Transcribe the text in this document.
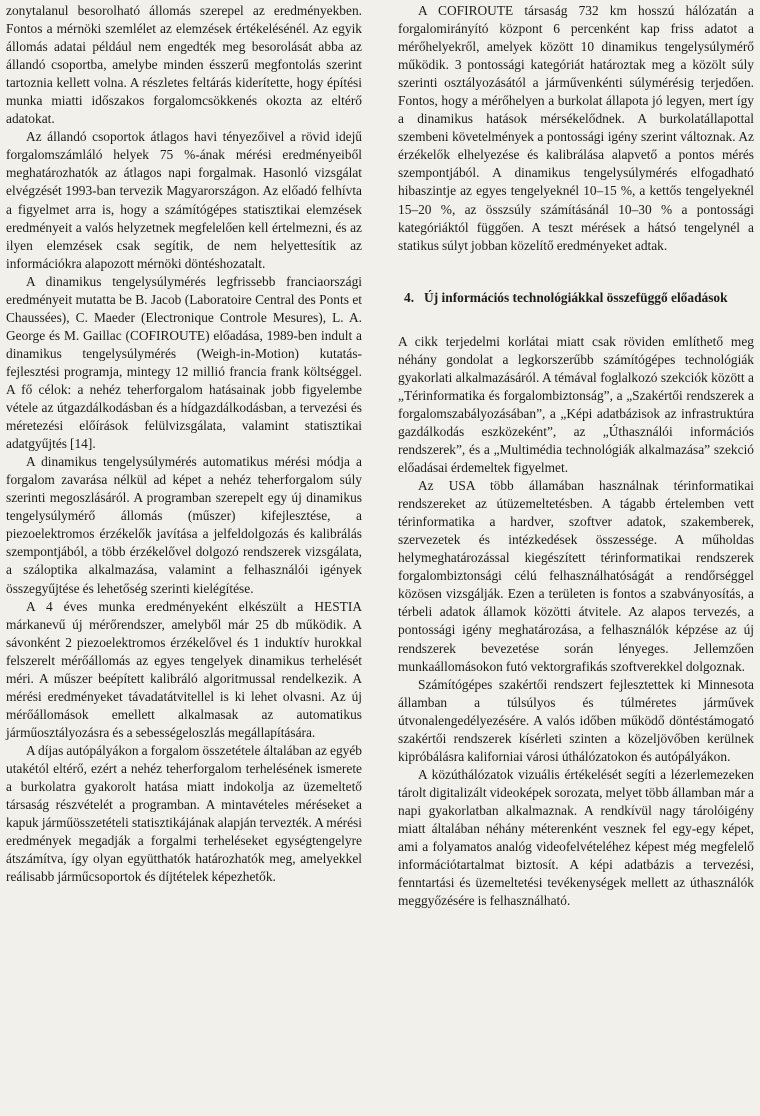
zonytalanul besorolható állomás szerepel az eredményekben. Fontos a mérnöki szemlélet az elemzések értékelésénél. Az egyik állomás adatai például nem engedték meg besorolását abba az állandó csoportba, amelybe minden ésszerű megfontolás szerint tartoznia kellett volna. A részletes feltárás kiderítette, hogy építési munka miatti időszakos forgalomcsökkenés okozta az eltérő adatokat.

Az állandó csoportok átlagos havi tényezőivel a rövid idejű forgalomszámláló helyek 75 %-ának mérési eredményeiből meghatározhatók az átlagos napi forgalmak. Hasonló vizsgálat elvégzését 1993-ban tervezik Magyarországon. Az előadó felhívta a figyelmet arra is, hogy a számítógépes statisztikai elemzések eredményeit a valós helyzetnek megfelelően kell értelmezni, és az ilyen elemzések csak segítik, de nem helyettesítik az információkra alapozott mérnöki döntéshozatalt.

A dinamikus tengelysúlymérés legfrissebb franciaországi eredményeit mutatta be B. Jacob (Laboratoire Central des Ponts et Chaussées), C. Maeder (Electronique Controle Mesures), L. A. George és M. Gaillac (COFIROUTE) előadása, 1989-ben indult a dinamikus tengelysúlymérés (Weigh-in-Motion) kutatás-fejlesztési programja, mintegy 12 millió francia frank költséggel. A fő célok: a nehéz teherforgalom hatásainak jobb figyelembe vétele az útgazdálkodásban és a hídgazdálkodásban, a tervezési és méretezési előírások felülvizsgálata, valamint statisztikai adatgyűjtés [14].

A dinamikus tengelysúlymérés automatikus mérési módja a forgalom zavarása nélkül ad képet a nehéz teherforgalom súly szerinti megoszlásáról. A programban szerepelt egy új dinamikus tengelysúlymérő állomás (műszer) kifejlesztése, a piezoelektromos érzékelők javítása a jelfeldolgozás és kalibrálás szempontjából, a több érzékelővel dolgozó rendszerek vizsgálata, a száloptika alkalmazása, valamint a felhasználói igények összegyűjtése és lehetőség szerinti kielégítése.

A 4 éves munka eredményeként elkészült a HESTIA márkanevű új mérőrendszer, amelyből már 25 db működik. A sávonként 2 piezoelektromos érzékelővel és 1 induktív hurokkal felszerelt mérőállomás az egyes tengelyek dinamikus terhelését méri. A műszer beépített kalibráló algoritmussal rendelkezik. A mérési eredményeket távadatátvitellel is ki lehet olvasni. Az új mérőállomások emellett alkalmasak az automatikus járműosztályozásra és a sebességeloszlás megállapítására.

A díjas autópályákon a forgalom összetétele általában az egyéb utakétól eltérő, ezért a nehéz teherforgalom terhelésének ismerete a burkolatra gyakorolt hatása miatt indokolja az üzemeltető társaság részvételét a programban. A mintavételes méréseket a kapuk járműösszetételi statisztikájának alapján tervezték. A mérési eredmények megadják a forgalmi terheléseket egységtengelyre átszámítva, így olyan együtthatók határozhatók meg, amelyekkel reálisabb járműcsoportok és díjtételek képezhetők.

A COFIROUTE társaság 732 km hosszú hálózatán a forgalomirányító központ 6 percenként kap friss adatot a mérőhelyekről, amelyek között 10 dinamikus tengelysúlymérő működik. 3 pontossági kategóriát határoztak meg a közölt súly szerinti osztályozásától a járművenkénti súlymérésig terjedően. Fontos, hogy a mérőhelyen a burkolat állapota jó legyen, mert így a dinamikus hatások mérsékelődnek. A burkolatállapottal szembeni követelmények a pontossági igény szerint változnak. Az érzékelők elhelyezése és kalibrálása alapvető a pontos mérés szempontjából. A dinamikus tengelysúlymérés elfogadható hibaszintje az egyes tengelyeknél 10–15 %, a kettős tengelyeknél 15–20 %, az összsúly számításánál 10–30 % a pontossági kategóriáktól függően. A teszt mérések a hátsó tengelynél a statikus súlyt jobban közelítő eredményeket adtak.

4. Új információs technológiákkal összefüggő előadások

A cikk terjedelmi korlátai miatt csak röviden említhető meg néhány gondolat a legkorszerűbb számítógépes technológiák gyakorlati alkalmazásáról. A témával foglalkozó szekciók között a „Térinformatika és forgalombiztonság”, a „Szakértői rendszerek a forgalomszabályozásában”, a „Képi adatbázisok az infrastruktúra gazdálkodás eszközeként”, az „Úthasználói információs rendszerek”, és a „Multimédia technológiák alkalmazása” szekció előadásai érdemeltek figyelmet.

Az USA több államában használnak térinformatikai rendszereket az útüzemeltetésben. A tágabb értelemben vett térinformatika a hardver, szoftver adatok, szakemberek, szervezetek és intézkedések összessége. A műholdas helymeghatározással kiegészített térinformatikai rendszerek forgalombiztonsági célú felhasználhatóságát a rendőrséggel közösen vizsgálják. Ezen a területen is fontos a szabványosítás, a térbeli adatok államok közötti átvitele. Az alapos tervezés, a pontossági igény meghatározása, a felhasználók képzése az új rendszerek bevezetése során lényeges. Jellemzően munkaállomásokon futó vektorgrafikás szoftverekkel dolgoznak.

Számítógépes szakértői rendszert fejlesztettek ki Minnesota államban a túlsúlyos és túlméretes járművek útvonalengedélyezésére. A valós időben működő döntéstámogató szakértői rendszerek kísérleti szinten a közeljövőben kerülnek kipróbálásra kaliforniai városi úthálózatokon és autópályákon.

A közúthálózatok vizuális értékelését segíti a lézerlemezeken tárolt digitalizált videoképek sorozata, melyet több államban már a napi gyakorlatban alkalmaznak. A rendkívül nagy tárolóigény miatt általában néhány méterenként vesznek fel egy-egy képet, ami a folyamatos analóg videofelvételéhez képest még megfelelő információtartalmat biztosít. A képi adatbázis a tervezési, fenntartási és üzemeltetési tevékenységek mellett az úthasználók meggyőzésére is felhasználható.
